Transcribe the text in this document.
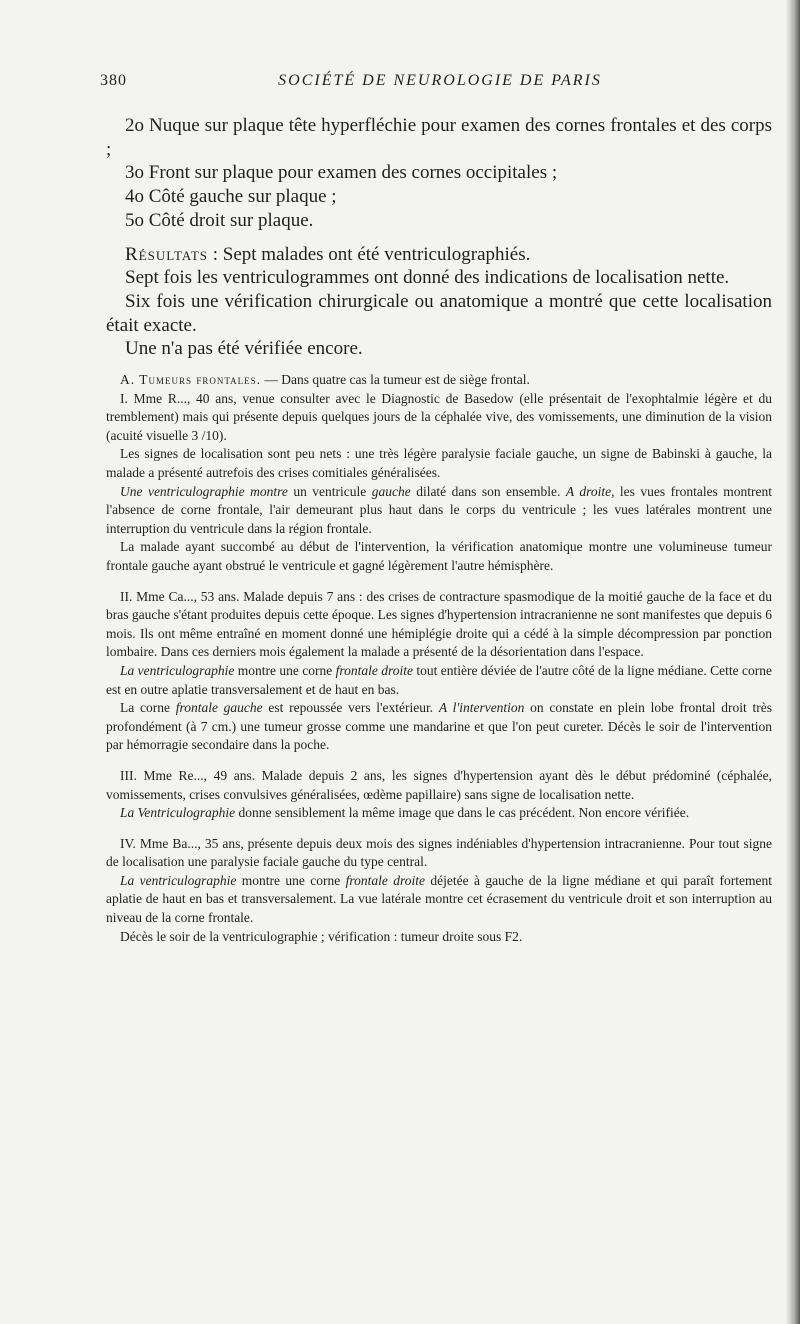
380	SOCIÉTÉ DE NEUROLOGIE DE PARIS

2o Nuque sur plaque tête hyperfléchie pour examen des cornes frontales et des corps ;

3o Front sur plaque pour examen des cornes occipitales ;

4o Côté gauche sur plaque ;

5o Côté droit sur plaque.

Résultats : Sept malades ont été ventriculographiés.

Sept fois les ventriculogrammes ont donné des indications de localisation nette.

Six fois une vérification chirurgicale ou anatomique a montré que cette localisation était exacte.

Une n'a pas été vérifiée encore.

A. Tumeurs frontales. — Dans quatre cas la tumeur est de siège frontal.

I. Mme R..., 40 ans, venue consulter avec le Diagnostic de Basedow (elle présentait de l'exophtalmie légère et du tremblement) mais qui présente depuis quelques jours de la céphalée vive, des vomissements, une diminution de la vision (acuité visuelle 3 /10).

Les signes de localisation sont peu nets : une très légère paralysie faciale gauche, un signe de Babinski à gauche, la malade a présenté autrefois des crises comitiales généralisées.

Une ventriculographie montre un ventricule gauche dilaté dans son ensemble. A droite, les vues frontales montrent l'absence de corne frontale, l'air demeurant plus haut dans le corps du ventricule ; les vues latérales montrent une interruption du ventricule dans la région frontale.

La malade ayant succombé au début de l'intervention, la vérification anatomique montre une volumineuse tumeur frontale gauche ayant obstrué le ventricule et gagné légèrement l'autre hémisphère.

II. Mme Ca..., 53 ans. Malade depuis 7 ans : des crises de contracture spasmodique de la moitié gauche de la face et du bras gauche s'étant produites depuis cette époque. Les signes d'hypertension intracranienne ne sont manifestes que depuis 6 mois. Ils ont même entraîné en moment donné une hémiplégie droite qui a cédé à la simple décompression par ponction lombaire. Dans ces derniers mois également la malade a présenté de la désorientation dans l'espace.

La ventriculographie montre une corne frontale droite tout entière déviée de l'autre côté de la ligne médiane. Cette corne est en outre aplatie transversalement et de haut en bas.

La corne frontale gauche est repoussée vers l'extérieur. A l'intervention on constate en plein lobe frontal droit très profondément (à 7 cm.) une tumeur grosse comme une mandarine et que l'on peut cureter. Décès le soir de l'intervention par hémorragie secondaire dans la poche.

III. Mme Re..., 49 ans. Malade depuis 2 ans, les signes d'hypertension ayant dès le début prédominé (céphalée, vomissements, crises convulsives généralisées, œdème papillaire) sans signe de localisation nette.

La Ventriculographie donne sensiblement la même image que dans le cas précédent. Non encore vérifiée.

IV. Mme Ba..., 35 ans, présente depuis deux mois des signes indéniables d'hypertension intracranienne. Pour tout signe de localisation une paralysie faciale gauche du type central.

La ventriculographie montre une corne frontale droite déjetée à gauche de la ligne médiane et qui paraît fortement aplatie de haut en bas et transversalement. La vue latérale montre cet écrasement du ventricule droit et son interruption au niveau de la corne frontale.

Décès le soir de la ventriculographie ; vérification : tumeur droite sous F2.
